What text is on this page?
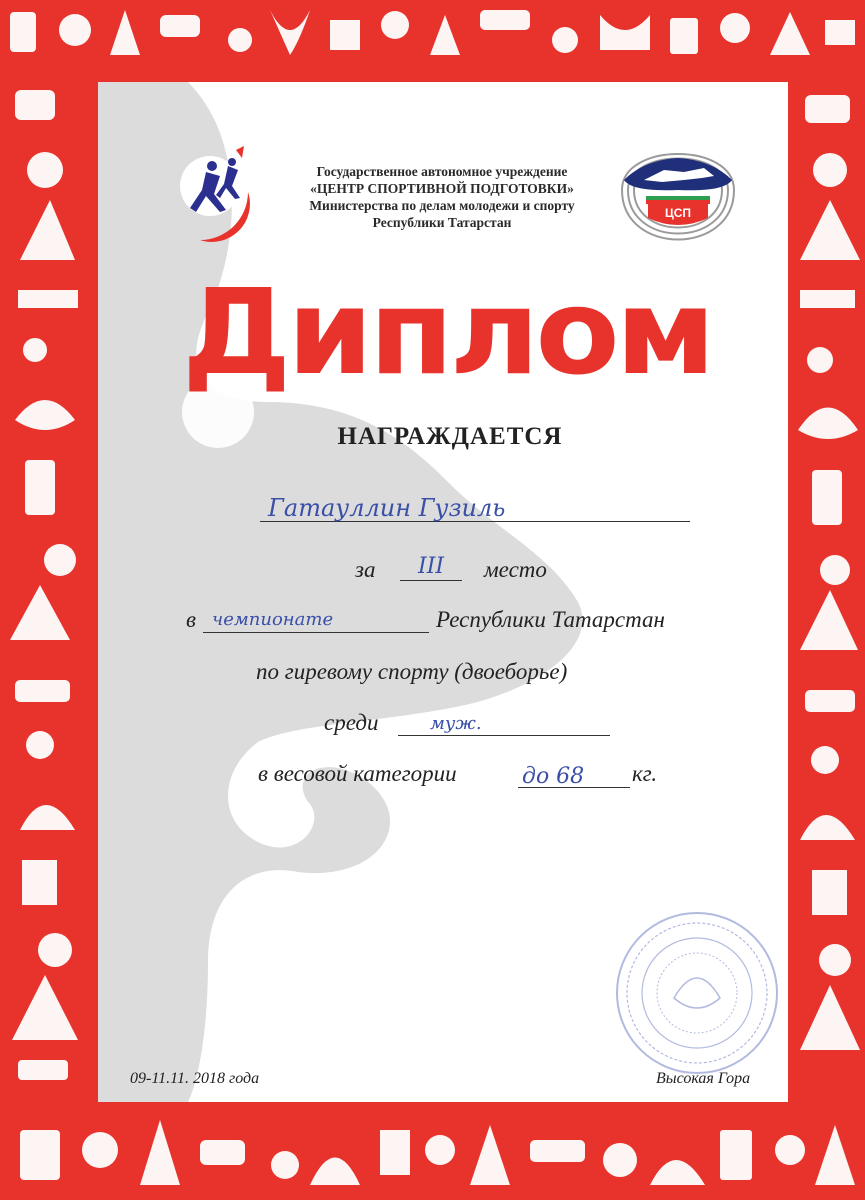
Государственное автономное учреждение
«ЦЕНТР СПОРТИВНОЙ ПОДГОТОВКИ»
Министерства по делам молодежи и спорту
Республики Татарстан
ЦСП
Диплом
НАГРАЖДАЕТСЯ
Гатауллин Гузиль
за III место
в чемпионате	Республики Татарстан
по гиревому спорту (двоеборье)
среди	муж.
в весовой категории	до 68 кг.
09-11.11. 2018 года	Высокая Гора
